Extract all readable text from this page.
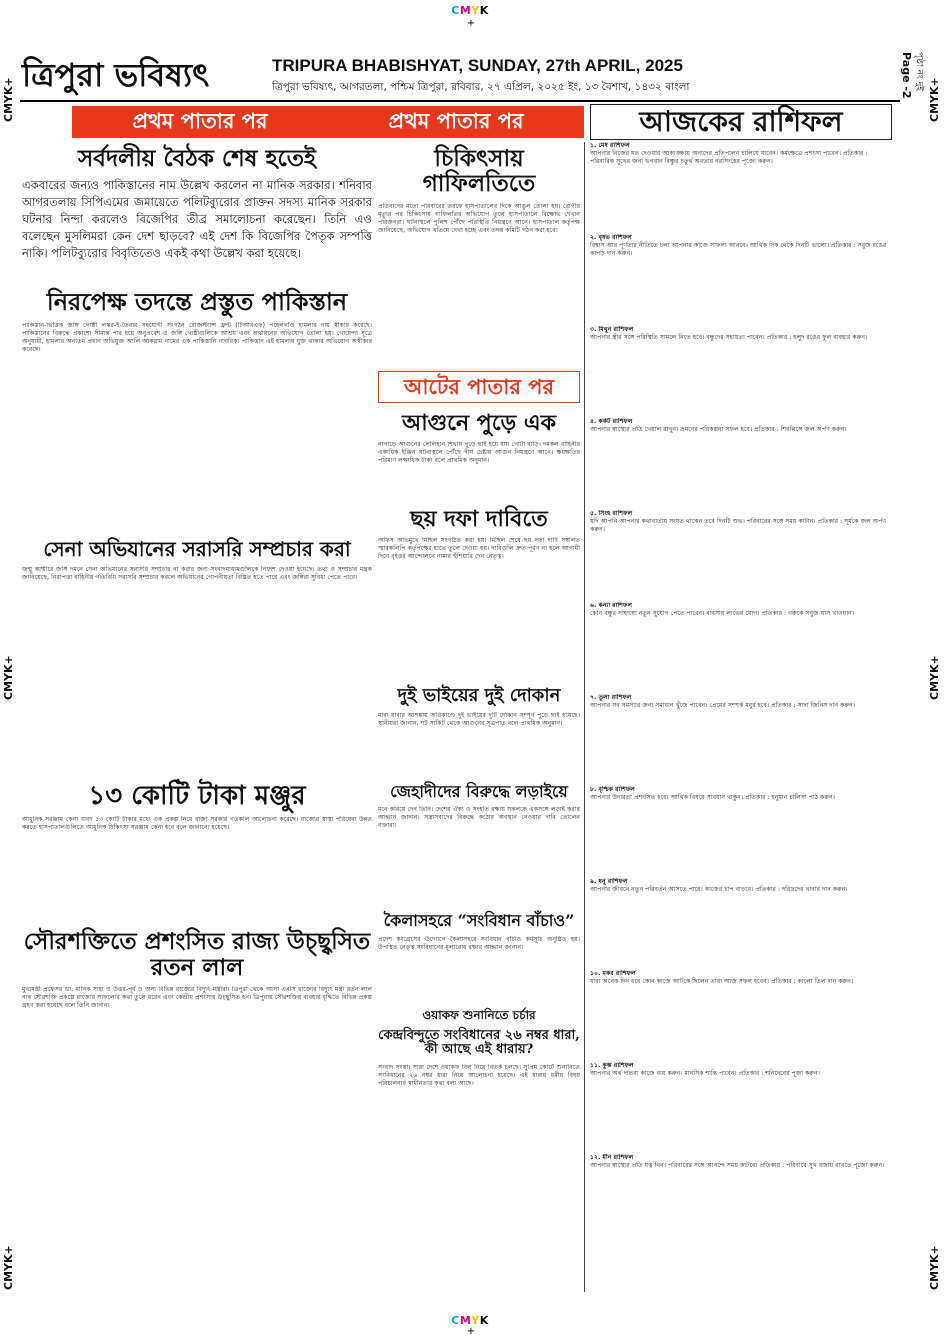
CMYK
+
CMYK+
CMYK+
CMYK+
CMYK+
CMYK+
CMYK+
ত্রিপুরা ভবিষ্যৎ	TRIPURA BHABISHYAT, SUNDAY, 27th APRIL, 2025
ত্রিপুরা ভবিষ্যৎ, আগরতলা, পশ্চিম ত্রিপুরা, রবিবার, ২৭ এপ্রিল, ২০২৫ ইং, ১৩ বৈশাখ, ১৪৩২ বাংলা	Page -2 পৃষ্ঠা নং দুই
প্রথম পাতার পর	প্রথম পাতার পর	আজকের রাশিফল
সর্বদলীয় বৈঠক শেষ হতেই
একবারের জন্যও পাকিস্তানের নাম উল্লেখ করলেন না মানিক সরকার। শনিবার আগরতলায় সিপিএমের জমায়েতে পলিটব্যুরোর প্রাক্তন সদস্য মানিক সরকার ঘটনার নিন্দা করলেও বিজেপির তীব্র সমালোচনা করেছেন। তিনি এও বলেছেন মুসলিমরা কেন দেশ ছাড়বে? এই দেশ কি বিজেপির পৈতৃক সম্পত্তি নাকি। পলিটব্যুরোর বিবৃতিতেও একই কথা উল্লেখ করা হয়েছে।
নিরপেক্ষ তদন্তে প্রস্তুত পাকিস্তান
পাকিস্তান-ভিত্তিক জঙ্গি গোষ্ঠী লস্কর-ই-তৈবার সহযোগী সংগঠন রেজিস্ট্যান্স ফ্রন্ট (টিআরএফ) পহেলগাঁও হামলার দায় স্বীকার করেছে। পাকিস্তানের বিরুদ্ধে প্রকাশ্যে সীমান্ত পার হয়ে অনুপ্রবেশ ও জঙ্গি গোষ্ঠীগুলিকে আশ্রয় এবং অর্থায়নের অভিযোগ তোলা হয়। গোয়েন্দা সূত্রে অনুযায়ী, হামলার অন্যতম প্রধান অভিযুক্ত আলি আকরাম নামের এক পাকিস্তানি নাগরিক। পাকিস্তান এই হামলায় যুক্ত থাকার অভিযোগ অস্বীকার করেছে।
সেনা অভিযানের সরাসরি সম্প্রচার করা
জম্মু কাশ্মীরে জঙ্গি দমনে সেনা অভিযানের সরাসরি সম্প্রচার না করার জন্য সংবাদমাধ্যমগুলিকে নির্দেশ দেওয়া হয়েছে। তথ্য ও সম্প্রচার মন্ত্রক জানিয়েছে, নিরাপত্তা বাহিনীর গতিবিধি সরাসরি সম্প্রচার করলে অভিযানের গোপনীয়তা বিঘ্নিত হতে পারে এবং জঙ্গিরা সুবিধা পেতে পারে।
১৩ কোটি টাকা মঞ্জুর
আধুনিক সরঞ্জাম কেনা বাবদ ১৩ কোটি টাকার মধ্যে এক প্রকল্প নিয়ে রাজ্য সরকার গতকাল আলোচনা করেছে। রাজ্যের স্বাস্থ্য পরিষেবা উন্নত করতে হাসপাতালগুলিতে আধুনিক চিকিৎসা সরঞ্জাম কেনা হবে বলে জানানো হয়েছে।
সৌরশক্তিতে প্রশংসিত রাজ্য উচ্ছ্বসিত রতন লাল
মুখ্যমন্ত্রী প্রফেসর ডা. মানিক সাহা ও উত্তর-পূর্ব ও অন্য বিভিন্ন রাজ্যের বিদ্যুৎ মন্ত্রীরা। ত্রিপুরা থেকে আসা এনসি রাজ্যের বিদ্যুৎ মন্ত্রী রতন লাল নাথ সৌরশক্তি প্রকল্পে রাজ্যের সাফল্যের কথা তুলে ধরেন এবং কেন্দ্রীয় প্রশংসায় উচ্ছ্বসিত হন। ত্রিপুরায় সৌরশক্তির ব্যবহার বৃদ্ধিতে বিভিন্ন প্রকল্প গ্রহণ করা হয়েছে বলে তিনি জানান।
চিকিৎসায় গাফিলতিতে
প্রতিবাদের মতো পরিবারের তরফে হাসপাতালের দিকে আঙুল তোলা হয়। রোগীর মৃত্যুর পর চিকিৎসায় গাফিলতির অভিযোগ তুলে হাসপাতালে বিক্ষোভ দেখান পরিজনরা। ঘটনাস্থলে পুলিশ পৌঁছে পরিস্থিতি নিয়ন্ত্রণে আনে। হাসপাতাল কর্তৃপক্ষ জানিয়েছে, অভিযোগ খতিয়ে দেখা হচ্ছে এবং তদন্ত কমিটি গঠন করা হবে।
আটের পাতার পর
আগুনে পুড়ে এক
নাগাড়ে আগুনের লেলিহান শিখায় পুড়ে ছাই হয়ে যায় গোটা বাড়ি। দমকল বাহিনীর একাধিক ইঞ্জিন ঘটনাস্থলে পৌঁছে দীর্ঘ চেষ্টায় আগুন নিয়ন্ত্রণে আনে। ক্ষয়ক্ষতির পরিমাণ লক্ষাধিক টাকা বলে প্রাথমিক অনুমান।
ছয় দফা দাবিতে
অফিস অভিমুখে মিছিল সংগঠিত করা হয়। মিছিল শেষে ছয় দফা দাবি সম্বলিত স্মারকলিপি কর্তৃপক্ষের হাতে তুলে দেওয়া হয়। দাবিগুলি দ্রুত পূরণ না হলে আগামী দিনে বৃহত্তর আন্দোলনে নামার হুঁশিয়ারি দেন নেতৃত্ব।
দুই ভাইয়ের দুই দোকান
মারা যাবার আশঙ্কায় অগ্নিকাণ্ডে দুই ভাইয়ের দুটি দোকান সম্পূর্ণ পুড়ে ছাই হয়েছে। স্থানীয়রা জানান, শর্ট সার্কিট থেকে আগুনের সূত্রপাত বলে প্রাথমিক অনুমান।
জেহাদীদের বিরুদ্ধে লড়াইয়ে
মনে করিয়ে দেন তিনি। দেশের ঐক্য ও সংহতি রক্ষায় সকলকে একসঙ্গে লড়াই করার আহ্বান জানান। সন্ত্রাসবাদের বিরুদ্ধে কঠোর অবস্থান নেওয়ার দাবি তোলেন বক্তারা।
কৈলাসহরে “সংবিধান বাঁচাও”
প্রদেশ কংগ্রেসের উদ্যোগে কৈলাসহরে সংবিধান বাঁচাও কর্মসূচি অনুষ্ঠিত হয়। উপস্থিত নেতৃত্ব সংবিধানের মূল্যবোধ রক্ষার আহ্বান জানান।
ওয়াকফ শুনানিতে চর্চার
কেন্দ্রবিন্দুতে সংবিধানের ২৬ নম্বর ধারা, কী আছে এই ধারায়?
সংবাদ সংস্থা। সারা দেশে ওয়াকফ বিল নিয়ে বিতর্ক চলছে। সুপ্রিম কোর্টে শুনানিতে সংবিধানের ২৬ নম্বর ধারা নিয়ে আলোচনা হয়েছে। এই ধারায় ধর্মীয় বিষয় পরিচালনার স্বাধীনতার কথা বলা আছে।
১. মেষ রাশিফল
আপনার নিজের মত দেওয়ার আকাঙ্ক্ষায় অন্যদের প্রতিপালন চালিয়ে যাবেন। কর্মক্ষেত্রে প্রশংসা পাবেন। প্রতিকার : পরিবারিক সুখের জন্য ভগবান বিষ্ণুর চতুর্থ অবতার নরসিংহের পূজো করুন।
২. বৃষভ রাশিফল
বিশ্বাস আর পূর্ণতার নীতিতে চলা আপনার কাজে সাফল্য আনবে। আর্থিক দিক থেকে দিনটি ভালো। প্রতিকার : সবুজ রঙের কাপড় দান করুন।
৩. মিথুন রাশিফল
আপনার স্ত্রীর সঙ্গে পরিস্থিতি সামলে নিতে হবে। বন্ধুদের সহায়তা পাবেন। প্রতিকার : হলুদ রঙের ফুল ব্যবহার করুন।
৪. কর্কট রাশিফল
আপনার স্বাস্থ্যের প্রতি খেয়াল রাখুন। ভ্রমণের পরিকল্পনা সফল হবে। প্রতিকার : শিবলিঙ্গে জল অর্পণ করুন।
৫. সিংহ রাশিফল
যদি আপনি আপনার কথাবার্তায় সংযত থাকেন তবে দিনটি শুভ। পরিবারের সঙ্গে সময় কাটান। প্রতিকার : সূর্যকে জল অর্পণ করুন।
৬. কন্যা রাশিফল
কোন বন্ধুর সাহায্যে নতুন সুযোগ পেতে পারেন। ব্যবসায় লাভের যোগ। প্রতিকার : গরুকে সবুজ ঘাস খাওয়ান।
৭. তুলা রাশিফল
আপনার সব সমস্যার জন্য সমাধান খুঁজে পাবেন। প্রেমের সম্পর্ক মধুর হবে। প্রতিকার : সাদা জিনিস দান করুন।
৮. বৃশ্চিক রাশিফল
আপনার উদারতা প্রশংসিত হবে। আর্থিক বিষয়ে সাবধান থাকুন। প্রতিকার : হনুমান চালিসা পাঠ করুন।
৯. ধনু রাশিফল
আপনার জীবনে নতুন পরিবর্তন আসতে পারে। কাজের চাপ বাড়বে। প্রতিকার : দরিদ্রদের খাবার দান করুন।
১০. মকর রাশিফল
যারা অনেক দিন ধরে কোন কাজে আটকে ছিলেন তারা আজ সফল হবেন। প্রতিকার : কালো তিল দান করুন।
১১. কুম্ভ রাশিফল
আপনার অর্থ দাতব্য কাজে ব্যয় করুন। মানসিক শান্তি পাবেন। প্রতিকার : শনিদেবের পূজা করুন।
১২. মীন রাশিফল
আপনার স্বাস্থ্যের প্রতি যত্ন নিন। পরিবারের সঙ্গে আনন্দে সময় কাটবে। প্রতিকার : পরিবারে সুখ বজায় রাখতে পূজো করুন।
CMYK
+
